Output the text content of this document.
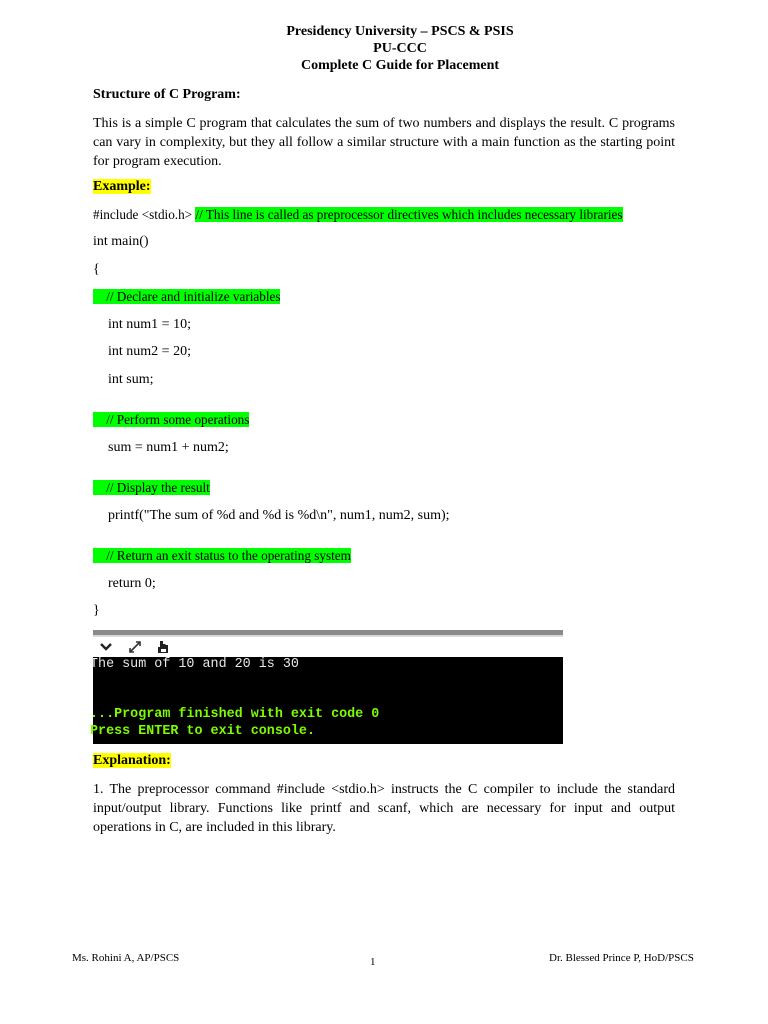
Presidency University – PSCS & PSIS
PU-CCC
Complete C Guide for Placement
Structure of C Program:
This is a simple C program that calculates the sum of two numbers and displays the result. C programs can vary in complexity, but they all follow a similar structure with a main function as the starting point for program execution.
Example:
#include <stdio.h> // This line is called as preprocessor directives which includes necessary libraries
int main()
{
// Declare and initialize variables
int num1 = 10;
int num2 = 20;
int sum;
// Perform some operations
sum = num1 + num2;
// Display the result
printf("The sum of %d and %d is %d\n", num1, num2, sum);
// Return an exit status to the operating system
return 0;
}
The sum of 10 and 20 is 30
...Program finished with exit code 0
Press ENTER to exit console.
Explanation:
1. The preprocessor command #include <stdio.h> instructs the C compiler to include the standard input/output library. Functions like printf and scanf, which are necessary for input and output operations in C, are included in this library.
Ms. Rohini A, AP/PSCS	1	Dr. Blessed Prince P, HoD/PSCS
